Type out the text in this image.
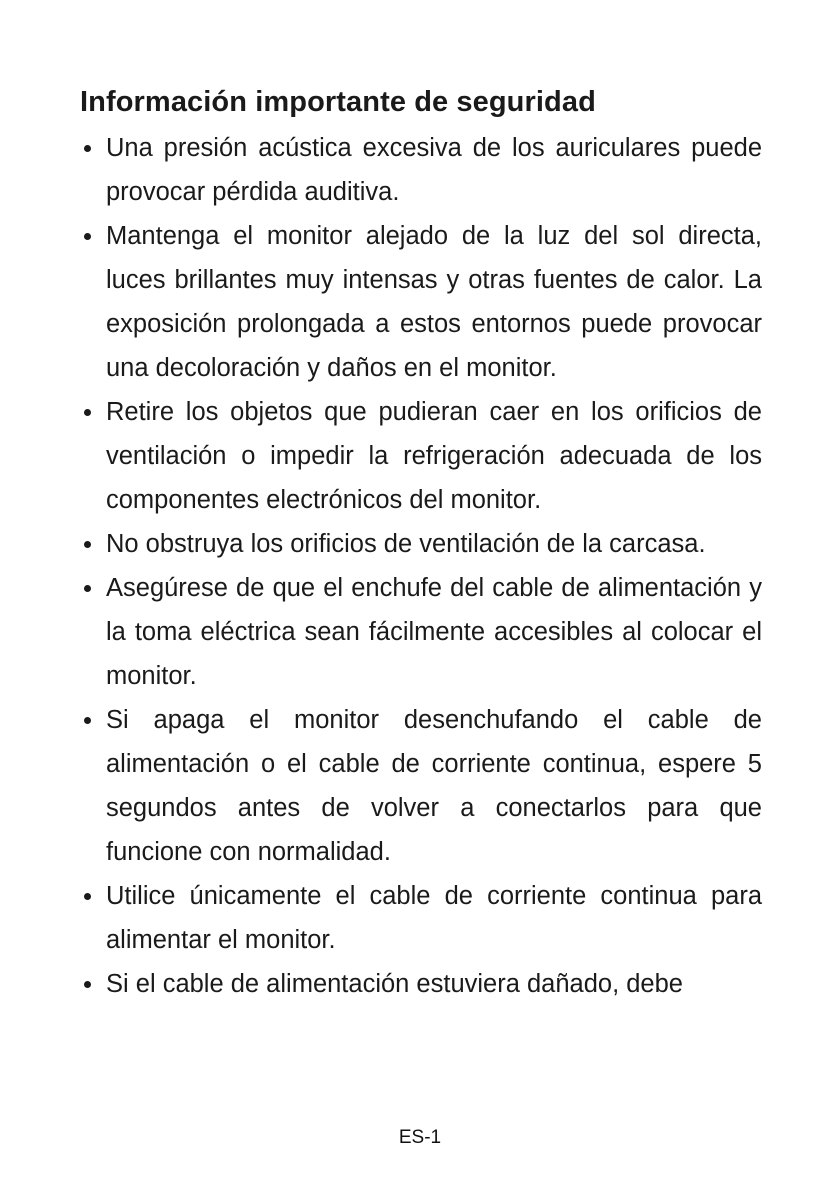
Información importante de seguridad
Una presión acústica excesiva de los auriculares puede provocar pérdida auditiva.
Mantenga el monitor alejado de la luz del sol directa, luces brillantes muy intensas y otras fuentes de calor. La exposición prolongada a estos entornos puede provocar una decoloración y daños en el monitor.
Retire los objetos que pudieran caer en los orificios de ventilación o impedir la refrigeración adecuada de los componentes electrónicos del monitor.
No obstruya los orificios de ventilación de la carcasa.
Asegúrese de que el enchufe del cable de alimentación y la toma eléctrica sean fácilmente accesibles al colocar el monitor.
Si apaga el monitor desenchufando el cable de alimentación o el cable de corriente continua, espere 5 segundos antes de volver a conectarlos para que funcione con normalidad.
Utilice únicamente el cable de corriente continua para alimentar el monitor.
Si el cable de alimentación estuviera dañado, debe
ES-1
